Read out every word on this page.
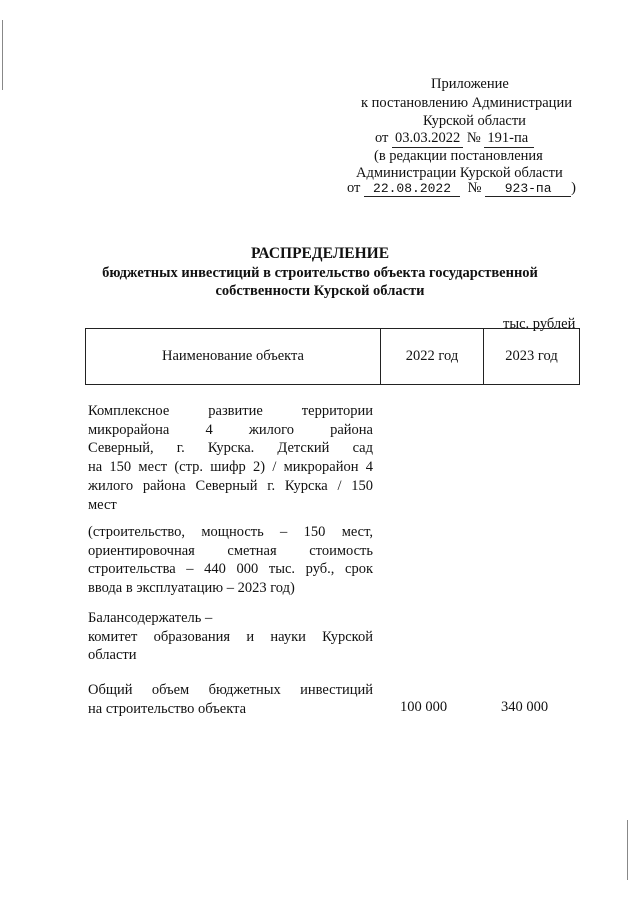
Приложение
к постановлению Администрации
Курской области
от 03.03.2022 № 191-па
(в редакции постановления
Администрации Курской области
от 22.08.2022 № 923-па )
РАСПРЕДЕЛЕНИЕ
бюджетных инвестиций в строительство объекта государственной
собственности Курской области
тыс. рублей
Наименование объекта	2022 год	2023 год
Комплексное развитие территории
микрорайона 4 жилого района
Северный, г. Курска. Детский сад
на 150 мест (стр. шифр 2) / микрорайон 4
жилого района Северный г. Курска / 150
мест
(строительство, мощность – 150 мест,
ориентировочная сметная стоимость
строительства – 440 000 тыс. руб., срок
ввода в эксплуатацию – 2023 год)
Балансодержатель –
комитет образования и науки Курской
области
Общий объем бюджетных инвестиций
на строительство объекта	100 000	340 000
